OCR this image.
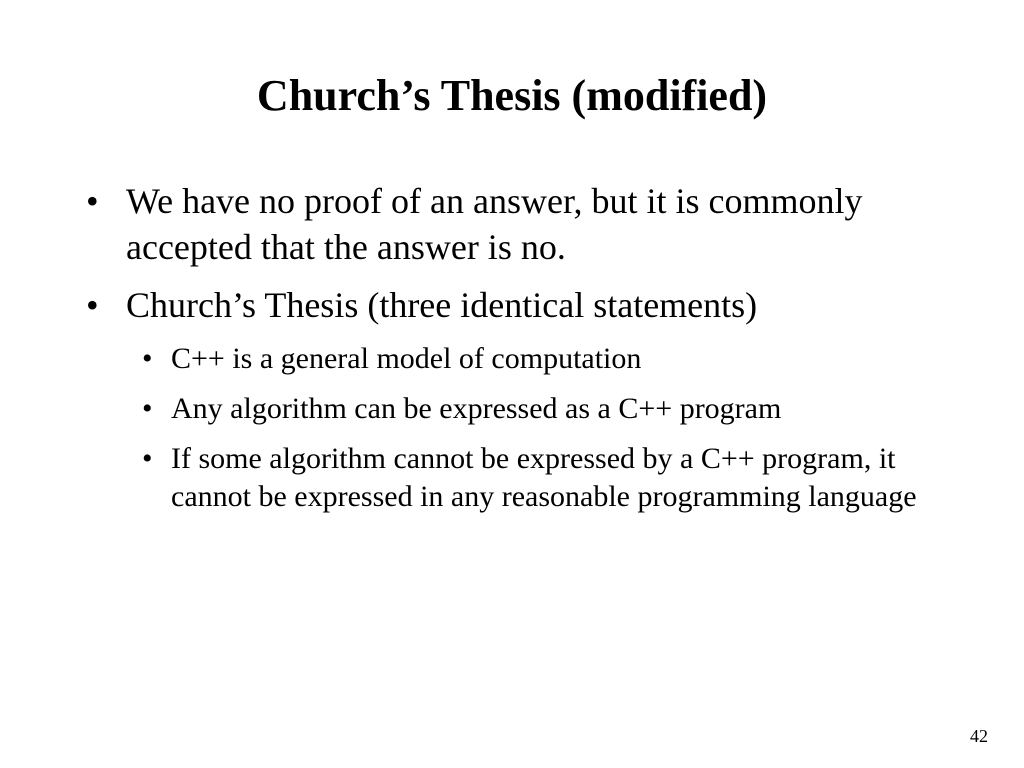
Church’s Thesis (modified)
• We have no proof of an answer, but it is commonly accepted that the answer is no.
• Church’s Thesis (three identical statements)
• C++ is a general model of computation
• Any algorithm can be expressed as a C++ program
• If some algorithm cannot be expressed by a C++ program, it cannot be expressed in any reasonable programming language
42
